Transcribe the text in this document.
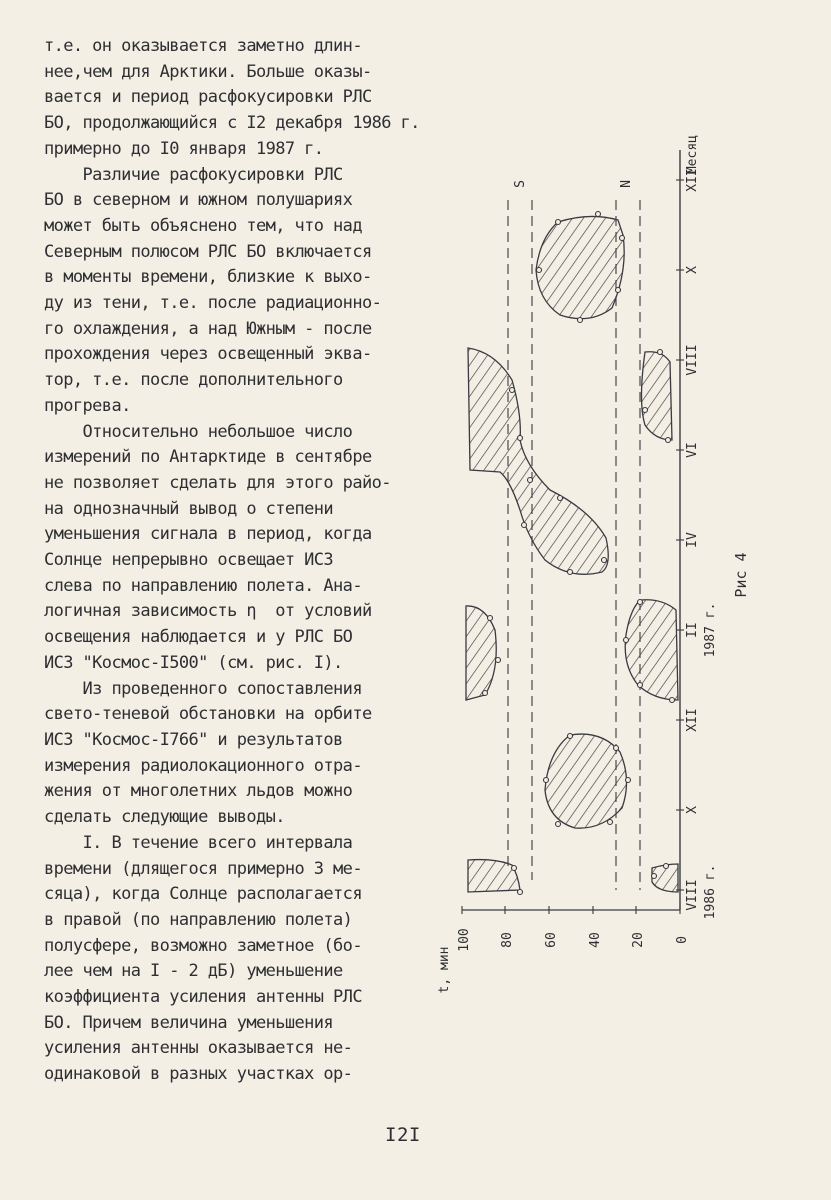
т.е. он оказывается заметно длин-
нее,чем для Арктики. Больше оказы-
вается и период расфокусировки РЛС
БО, продолжающийся с I2 декабря 1986 г.
примерно до I0 января 1987 г.
Различие расфокусировки РЛС
БО в северном и южном полушариях
может быть объяснено тем, что над
Северным полюсом РЛС БО включается
в моменты времени, близкие к выхо-
ду из тени, т.е. после радиационно-
го охлаждения, а над Южным - после
прохождения через освещенный эква-
тор, т.е. после дополнительного
прогрева.
Относительно небольшое число
измерений по Антарктиде в сентябре
не позволяет сделать для этого райо-
на однозначный вывод о степени
уменьшения сигнала в период, когда
Солнце непрерывно освещает ИСЗ
слева по направлению полета. Ана-
логичная зависимость η  от условий
освещения наблюдается и у РЛС БО
ИСЗ "Космос-I500" (см. рис. I).
Из проведенного сопоставления
свето-теневой обстановки на орбите
ИСЗ "Космос-I766" и результатов
измерения радиолокационного отра-
жения от многолетних льдов можно
сделать следующие выводы.
I. В течение всего интервала
времени (длящегося примерно 3 ме-
сяца), когда Солнце располагается
в правой (по направлению полета)
полусфере, возможно заметное (бо-
лее чем на I - 2 дБ) уменьшение
коэффициента усиления антенны РЛС
БО. Причем величина уменьшения
усиления антенны оказывается не-
одинаковой в разных участках ор-
I2I
100 80 60 40 20 0
t, мин
VIII
X
XII
II
IV
VI
VIII
X
XII
Месяц
1986 г.
1987 г.
S	N
Рис 4
